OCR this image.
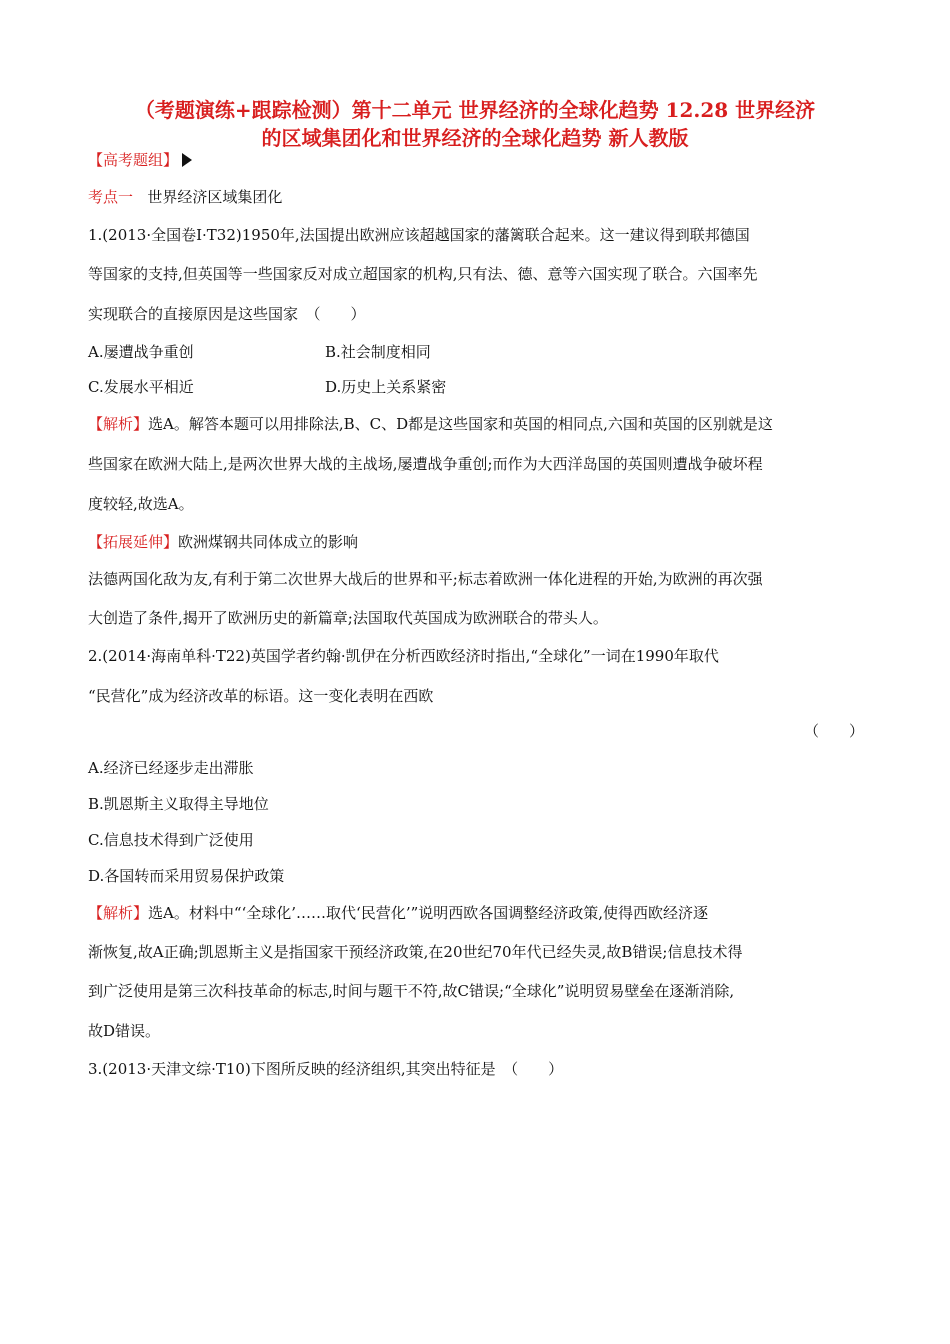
（考题演练+跟踪检测）第十二单元 世界经济的全球化趋势 12.28 世界经济
的区域集团化和世界经济的全球化趋势 新人教版
【高考题组】
考点一 世界经济区域集团化
1.(2013·全国卷Ⅰ·T32)1950年,法国提出欧洲应该超越国家的藩篱联合起来。这一建议得到联邦德国
等国家的支持,但英国等一些国家反对成立超国家的机构,只有法、德、意等六国实现了联合。六国率先
实现联合的直接原因是这些国家　（　　）
A.屡遭战争重创	B.社会制度相同
C.发展水平相近	D.历史上关系紧密
【解析】选A。解答本题可以用排除法,B、C、D都是这些国家和英国的相同点,六国和英国的区别就是这
些国家在欧洲大陆上,是两次世界大战的主战场,屡遭战争重创;而作为大西洋岛国的英国则遭战争破坏程
度较轻,故选A。
【拓展延伸】欧洲煤钢共同体成立的影响
法德两国化敌为友,有利于第二次世界大战后的世界和平;标志着欧洲一体化进程的开始,为欧洲的再次强
大创造了条件,揭开了欧洲历史的新篇章;法国取代英国成为欧洲联合的带头人。
2.(2014·海南单科·T22)英国学者约翰·凯伊在分析西欧经济时指出,“全球化”一词在1990年取代
“民营化”成为经济改革的标语。这一变化表明在西欧
（　　）
A.经济已经逐步走出滞胀
B.凯恩斯主义取得主导地位
C.信息技术得到广泛使用
D.各国转而采用贸易保护政策
【解析】选A。材料中“‘全球化’……取代‘民营化’”说明西欧各国调整经济政策,使得西欧经济逐
渐恢复,故A正确;凯恩斯主义是指国家干预经济政策,在20世纪70年代已经失灵,故B错误;信息技术得
到广泛使用是第三次科技革命的标志,时间与题干不符,故C错误;“全球化”说明贸易壁垒在逐渐消除,
故D错误。
3.(2013·天津文综·T10)下图所反映的经济组织,其突出特征是　（　　）
